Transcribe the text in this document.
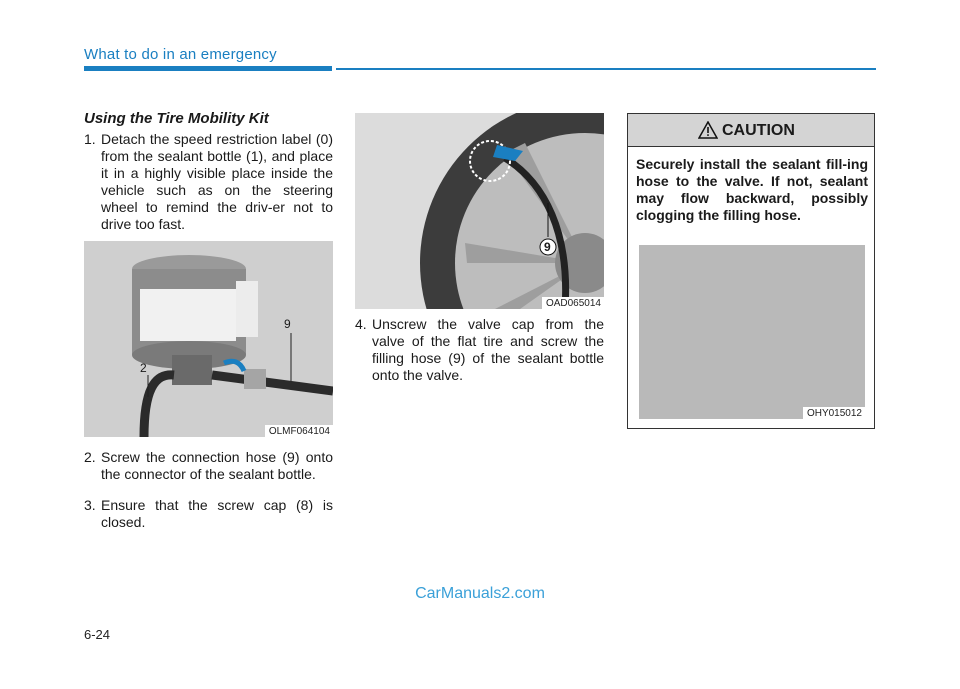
What to do in an emergency
Using the Tire Mobility Kit
1. Detach the speed restriction label (0) from the sealant bottle (1), and place it in a highly visible place inside the vehicle such as on the steering wheel to remind the driv-er not to drive too fast.
2
9
OLMF064104
2. Screw the connection hose (9) onto the connector of the sealant bottle.
3. Ensure that the screw cap (8) is closed.
9
OAD065014
4. Unscrew the valve cap from the valve of the flat tire and screw the filling hose (9) of the sealant bottle onto the valve.
CAUTION
Securely install the sealant fill-ing hose to the valve. If not, sealant may flow backward, possibly clogging the filling hose.
OHY015012
CarManuals2.com
6-24
